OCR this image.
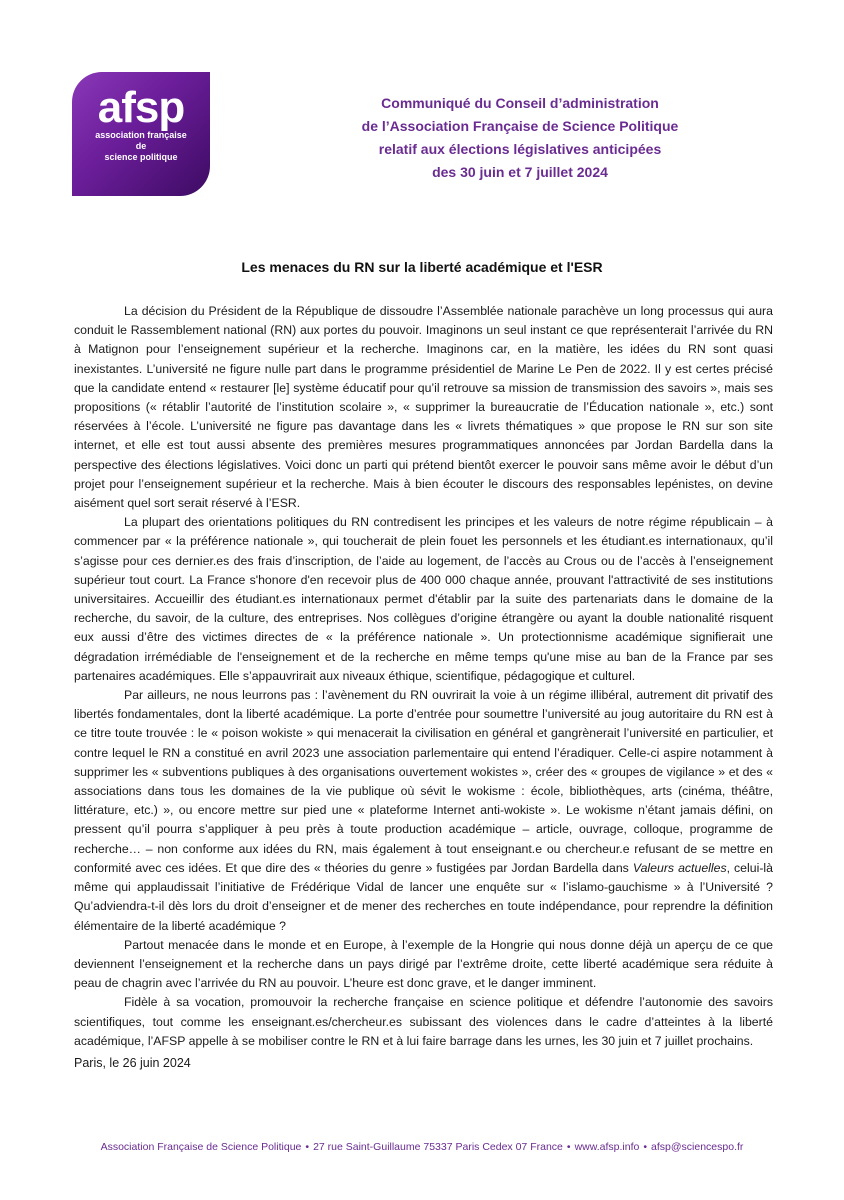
afsp
association française
de
science politique
Communiqué du Conseil d’administration
de l’Association Française de Science Politique
relatif aux élections législatives anticipées
des 30 juin et 7 juillet 2024
Les menaces du RN sur la liberté académique et l'ESR

La décision du Président de la République de dissoudre l’Assemblée nationale parachève un long processus qui aura conduit le Rassemblement national (RN) aux portes du pouvoir. Imaginons un seul instant ce que représenterait l’arrivée du RN à Matignon pour l’enseignement supérieur et la recherche. Imaginons car, en la matière, les idées du RN sont quasi inexistantes. L’université ne figure nulle part dans le programme présidentiel de Marine Le Pen de 2022. Il y est certes précisé que la candidate entend « restaurer [le] système éducatif pour qu’il retrouve sa mission de transmission des savoirs », mais ses propositions (« rétablir l’autorité de l’institution scolaire », « supprimer la bureaucratie de l’Éducation nationale », etc.) sont réservées à l’école. L’université ne figure pas davantage dans les « livrets thématiques » que propose le RN sur son site internet, et elle est tout aussi absente des premières mesures programmatiques annoncées par Jordan Bardella dans la perspective des élections législatives. Voici donc un parti qui prétend bientôt exercer le pouvoir sans même avoir le début d’un projet pour l’enseignement supérieur et la recherche. Mais à bien écouter le discours des responsables lepénistes, on devine aisément quel sort serait réservé à l’ESR.

La plupart des orientations politiques du RN contredisent les principes et les valeurs de notre régime républicain – à commencer par « la préférence nationale », qui toucherait de plein fouet les personnels et les étudiant.es internationaux, qu’il s’agisse pour ces dernier.es des frais d’inscription, de l’aide au logement, de l’accès au Crous ou de l’accès à l’enseignement supérieur tout court. La France s'honore d'en recevoir plus de 400 000 chaque année, prouvant l'attractivité de ses institutions universitaires. Accueillir des étudiant.es internationaux permet d'établir par la suite des partenariats dans le domaine de la recherche, du savoir, de la culture, des entreprises. Nos collègues d’origine étrangère ou ayant la double nationalité risquent eux aussi d’être des victimes directes de « la préférence nationale ». Un protectionnisme académique signifierait une dégradation irrémédiable de l'enseignement et de la recherche en même temps qu'une mise au ban de la France par ses partenaires académiques. Elle s’appauvrirait aux niveaux éthique, scientifique, pédagogique et culturel.

Par ailleurs, ne nous leurrons pas : l’avènement du RN ouvrirait la voie à un régime illibéral, autrement dit privatif des libertés fondamentales, dont la liberté académique. La porte d’entrée pour soumettre l’université au joug autoritaire du RN est à ce titre toute trouvée : le « poison wokiste » qui menacerait la civilisation en général et gangrènerait l’université en particulier, et contre lequel le RN a constitué en avril 2023 une association parlementaire qui entend l’éradiquer. Celle-ci aspire notamment à supprimer les « subventions publiques à des organisations ouvertement wokistes », créer des « groupes de vigilance » et des « associations dans tous les domaines de la vie publique où sévit le wokisme : école, bibliothèques, arts (cinéma, théâtre, littérature, etc.) », ou encore mettre sur pied une « plateforme Internet anti-wokiste ». Le wokisme n’étant jamais défini, on pressent qu’il pourra s’appliquer à peu près à toute production académique – article, ouvrage, colloque, programme de recherche… – non conforme aux idées du RN, mais également à tout enseignant.e ou chercheur.e refusant de se mettre en conformité avec ces idées. Et que dire des « théories du genre » fustigées par Jordan Bardella dans Valeurs actuelles, celui-là même qui applaudissait l’initiative de Frédérique Vidal de lancer une enquête sur « l’islamo-gauchisme » à l’Université ? Qu’adviendra-t-il dès lors du droit d’enseigner et de mener des recherches en toute indépendance, pour reprendre la définition élémentaire de la liberté académique ?

Partout menacée dans le monde et en Europe, à l’exemple de la Hongrie qui nous donne déjà un aperçu de ce que deviennent l’enseignement et la recherche dans un pays dirigé par l’extrême droite, cette liberté académique sera réduite à peau de chagrin avec l’arrivée du RN au pouvoir. L’heure est donc grave, et le danger imminent.

Fidèle à sa vocation, promouvoir la recherche française en science politique et défendre l’autonomie des savoirs scientifiques, tout comme les enseignant.es/chercheur.es subissant des violences dans le cadre d’atteintes à la liberté académique, l’AFSP appelle à se mobiliser contre le RN et à lui faire barrage dans les urnes, les 30 juin et 7 juillet prochains.

Paris, le 26 juin 2024
Association Française de Science Politique • 27 rue Saint-Guillaume 75337 Paris Cedex 07 France • www.afsp.info • afsp@sciencespo.fr
